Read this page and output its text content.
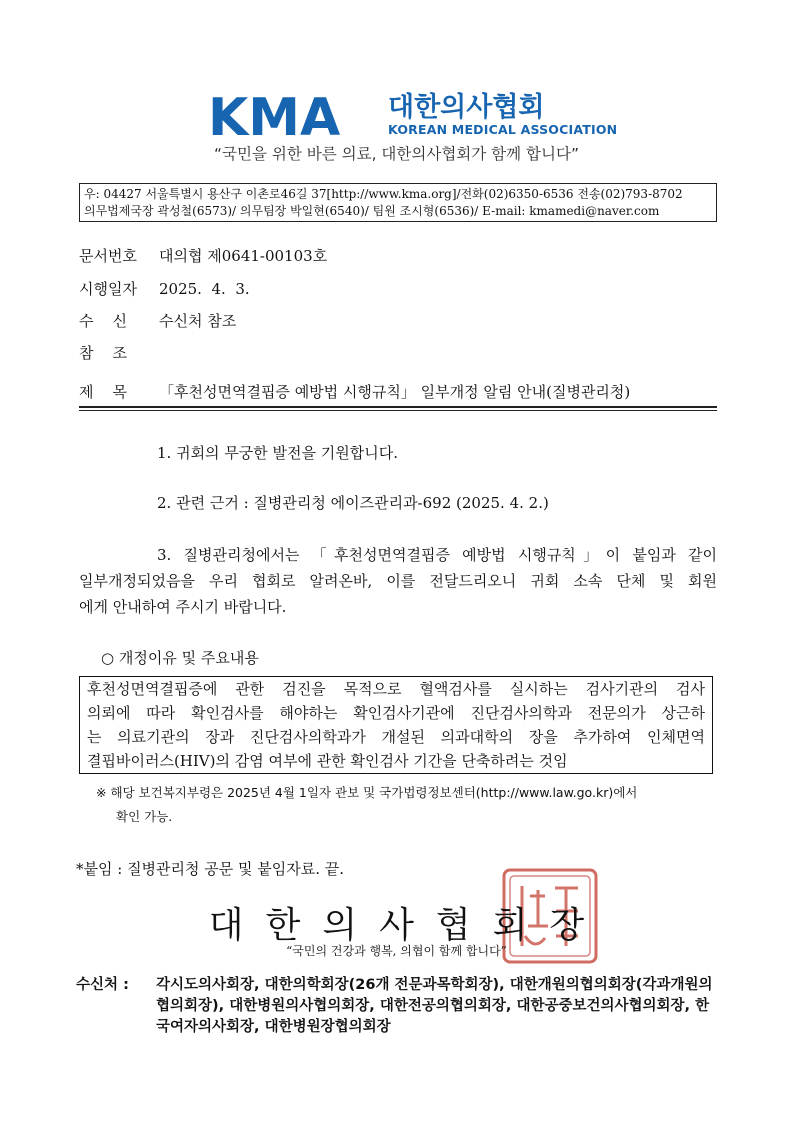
KMA 대한의사협회
KOREAN MEDICAL ASSOCIATION
“국민을 위한 바른 의료, 대한의사협회가 함께 합니다”
우: 04427 서울특별시 용산구 이촌로46길 37[http://www.kma.org]/전화(02)6350-6536 전송(02)793-8702
의무법제국장 곽성철(6573)/ 의무팀장 박일현(6540)/ 팀원 조시형(6536)/ E-mail: kmamedi@naver.com
문서번호 대의협 제0641-00103호
시행일자 2025.  4.  3.
수    신 수신처 참조
참    조
제    목 「후천성면역결핍증 예방법 시행규칙」 일부개정 알림 안내(질병관리청)
1. 귀회의 무궁한 발전을 기원합니다.
2. 관련 근거 : 질병관리청 에이즈관리과-692 (2025. 4. 2.)
3. 질병관리청에서는 「후천성면역결핍증 예방법 시행규칙」이 붙임과 같이
일부개정되었음을 우리 협회로 알려온바, 이를 전달드리오니 귀회 소속 단체 및 회원
에게 안내하여 주시기 바랍니다.
○ 개정이유 및 주요내용
후천성면역결핍증에 관한 검진을 목적으로 혈액검사를 실시하는 검사기관의 검사
의뢰에 따라 확인검사를 해야하는 확인검사기관에 진단검사의학과 전문의가 상근하
는 의료기관의 장과 진단검사의학과가 개설된 의과대학의 장을 추가하여 인체면역
결핍바이러스(HIV)의 감염 여부에 관한 확인검사 기간을 단축하려는 것임
※ 해당 보건복지부령은 2025년 4월 1일자 관보 및 국가법령정보센터(http://www.law.go.kr)에서
확인 가능.
*붙임 : 질병관리청 공문 및 붙임자료. 끝.
대한의사협회장
“국민의 건강과 행복, 의협이 함께 합니다”
수신처 :	각시도의사회장, 대한의학회장(26개 전문과목학회장), 대한개원의협의회장(각과개원의협의회장), 대한병원의사협의회장, 대한전공의협의회장, 대한공중보건의사협의회장, 한국여자의사회장, 대한병원장협의회장
